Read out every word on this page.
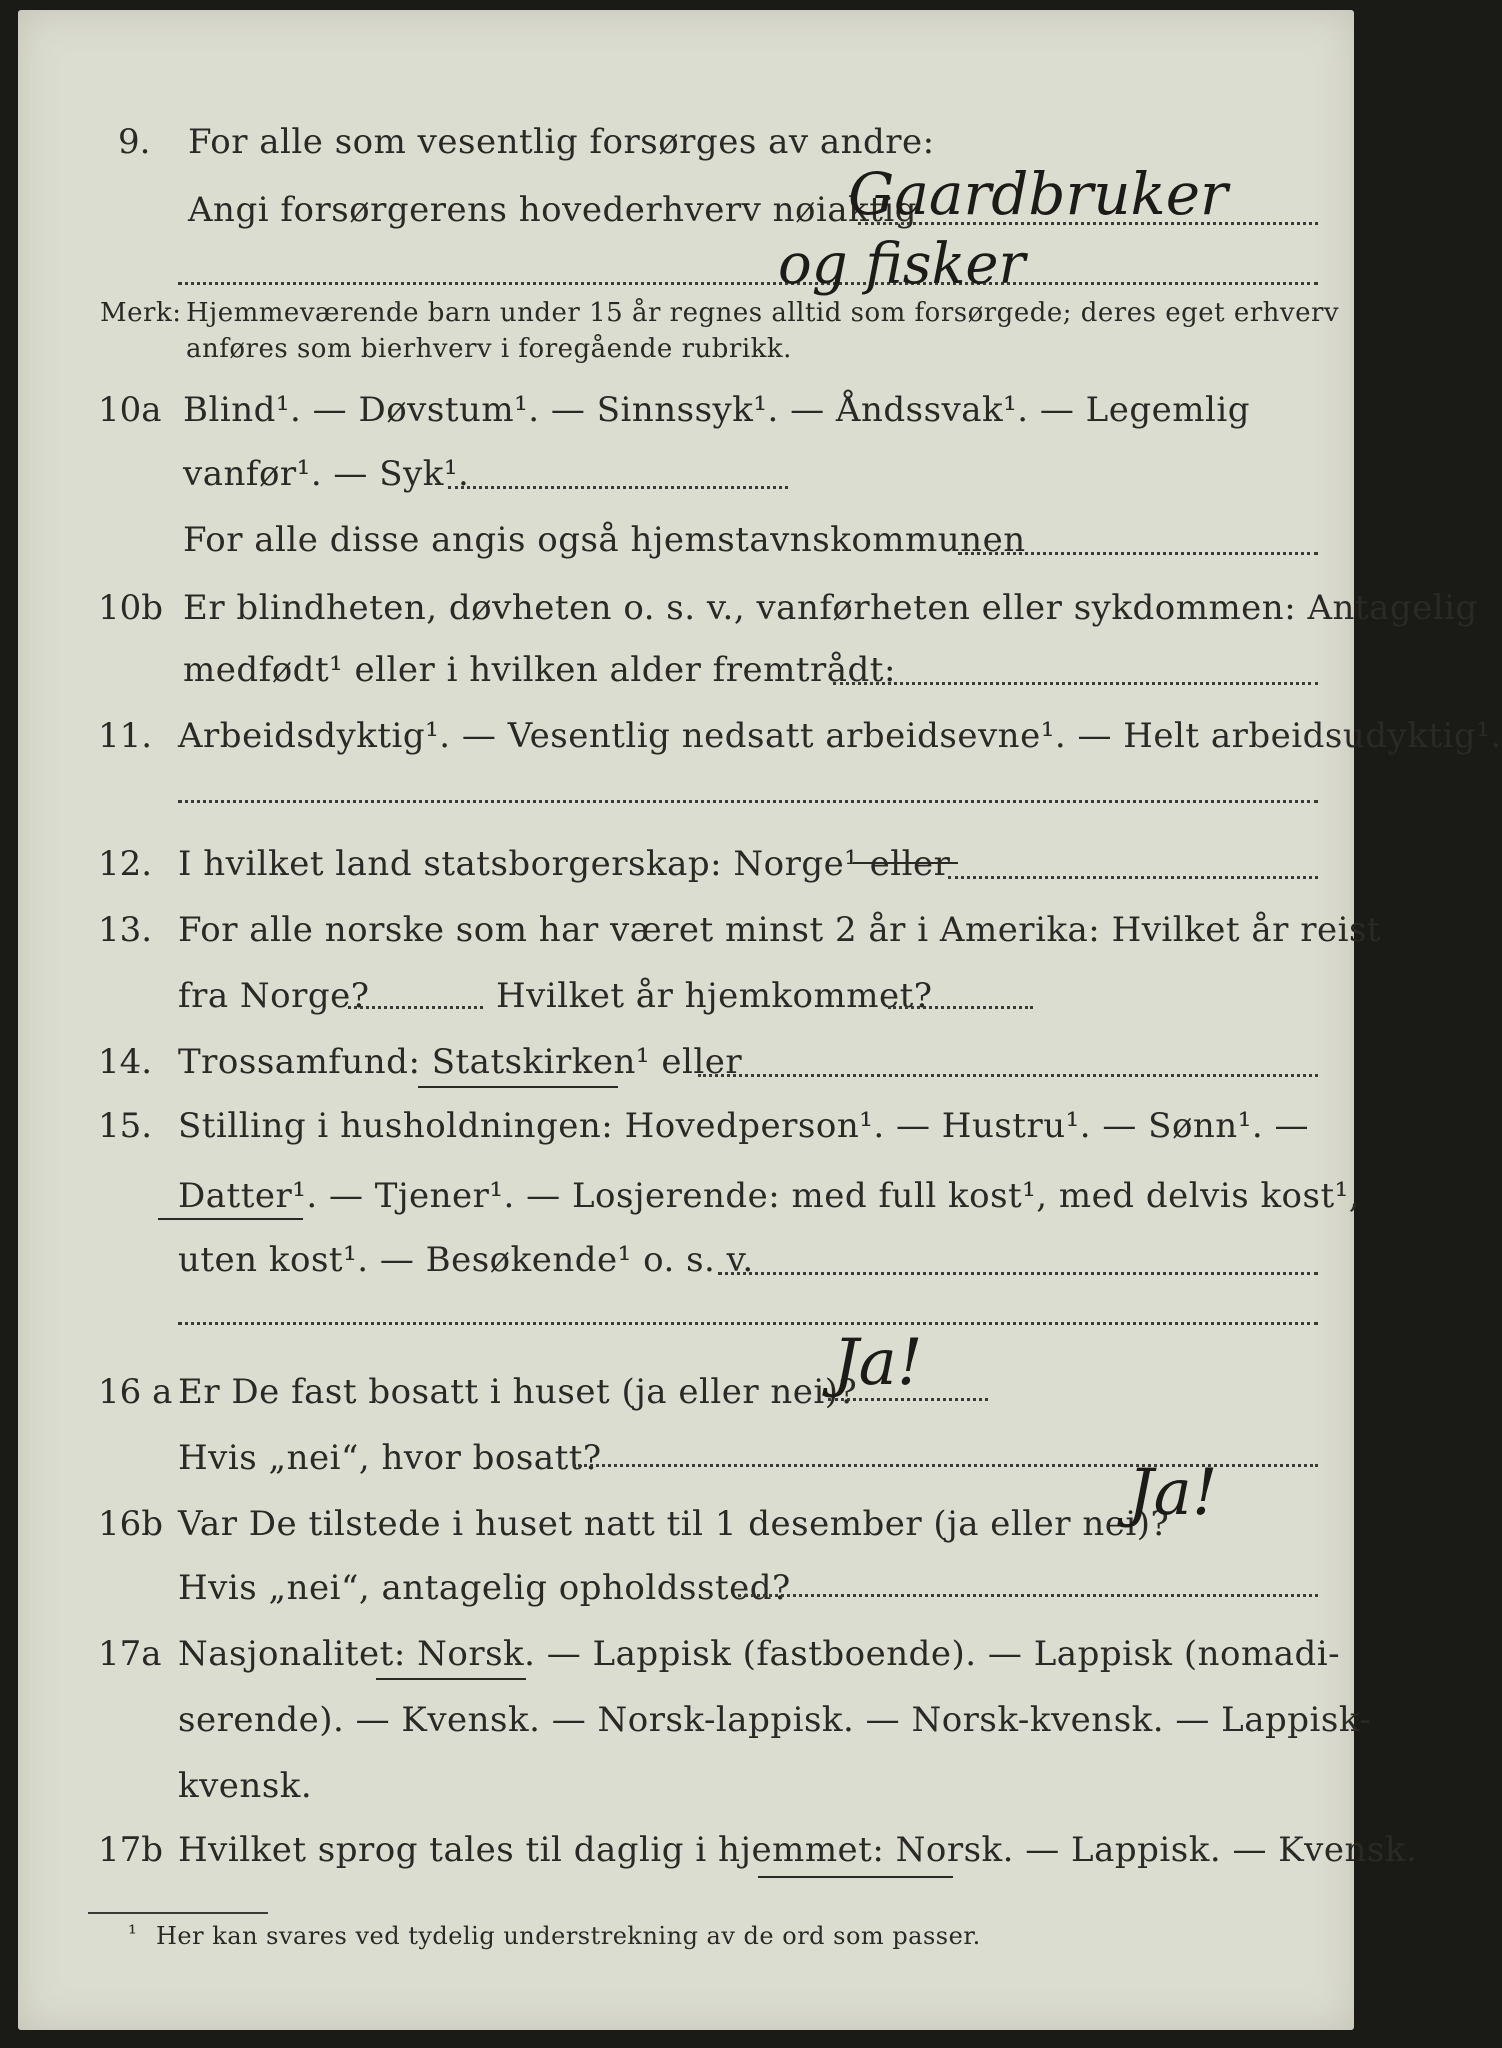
9. For alle som vesentlig forsørges av andre:
Angi forsørgerens hovederhverv nøiaktig
Gaardbruker
og fisker
Merk: Hjemmeværende barn under 15 år regnes alltid som forsørgede; deres eget erhverv
anføres som bierhverv i foregående rubrikk.
10a Blind¹. — Døvstum¹. — Sinnssyk¹. — Åndssvak¹. — Legemlig
vanfør¹. — Syk¹.
For alle disse angis også hjemstavnskommunen
10b Er blindheten, døvheten o. s. v., vanførheten eller sykdommen: Antagelig
medfødt¹ eller i hvilken alder fremtrådt:
11. Arbeidsdyktig¹. — Vesentlig nedsatt arbeidsevne¹. — Helt arbeidsudyktig¹.
12. I hvilket land statsborgerskap: Norge¹ eller
13. For alle norske som har været minst 2 år i Amerika: Hvilket år reist
fra Norge?	Hvilket år hjemkommet?
14. Trossamfund: Statskirken¹ eller
15. Stilling i husholdningen: Hovedperson¹. — Hustru¹. — Sønn¹. —
Datter¹. — Tjener¹. — Losjerende: med full kost¹, med delvis kost¹,
uten kost¹. — Besøkende¹ o. s. v.
16 a Er De fast bosatt i huset (ja eller nei)?
Ja!
Hvis „nei“, hvor bosatt?
16b Var De tilstede i huset natt til 1 desember (ja eller nei)?
Ja!
Hvis „nei“, antagelig opholdssted?
17a Nasjonalitet: Norsk. — Lappisk (fastboende). — Lappisk (nomadi-
serende). — Kvensk. — Norsk-lappisk. — Norsk-kvensk. — Lappisk-
kvensk.
17b Hvilket sprog tales til daglig i hjemmet: Norsk. — Lappisk. — Kvensk.
¹ Her kan svares ved tydelig understrekning av de ord som passer.
